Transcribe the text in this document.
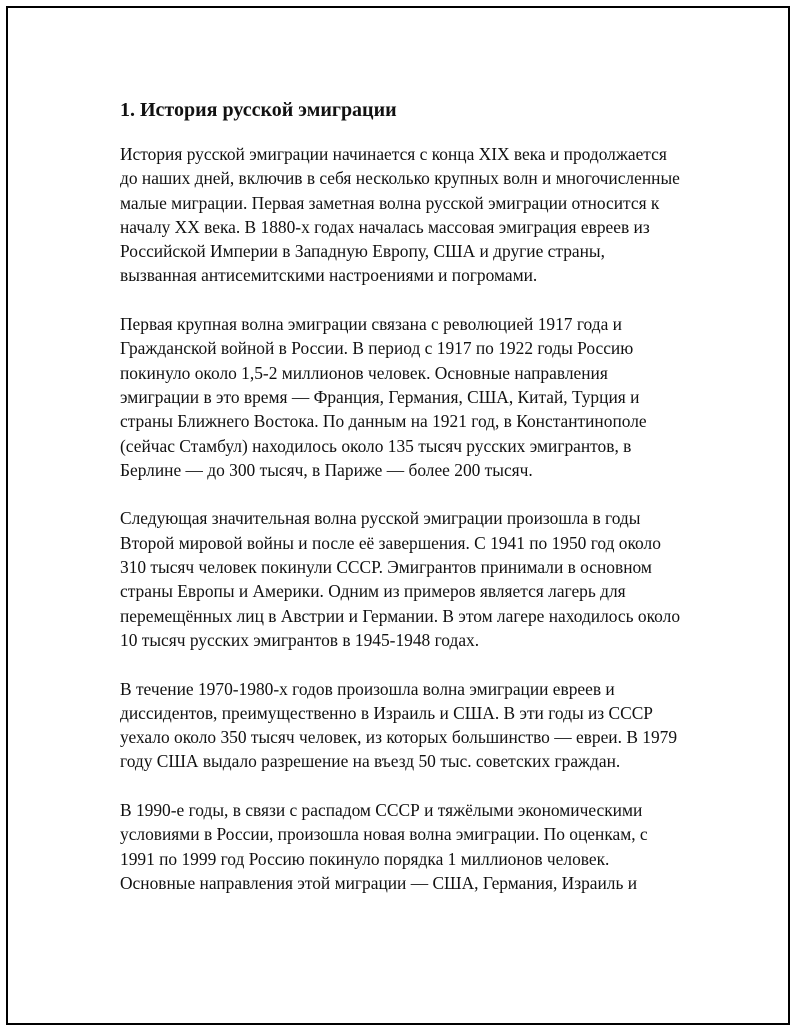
1. История русской эмиграции

История русской эмиграции начинается с конца XIX века и продолжается до наших дней, включив в себя несколько крупных волн и многочисленные малые миграции. Первая заметная волна русской эмиграции относится к началу XX века. В 1880-х годах началась массовая эмиграция евреев из Российской Империи в Западную Европу, США и другие страны, вызванная антисемитскими настроениями и погромами.

Первая крупная волна эмиграции связана с революцией 1917 года и Гражданской войной в России. В период с 1917 по 1922 годы Россию покинуло около 1,5-2 миллионов человек. Основные направления эмиграции в это время — Франция, Германия, США, Китай, Турция и страны Ближнего Востока. По данным на 1921 год, в Константинополе (сейчас Стамбул) находилось около 135 тысяч русских эмигрантов, в Берлине — до 300 тысяч, в Париже — более 200 тысяч.

Следующая значительная волна русской эмиграции произошла в годы Второй мировой войны и после её завершения. С 1941 по 1950 год около 310 тысяч человек покинули СССР. Эмигрантов принимали в основном страны Европы и Америки. Одним из примеров является лагерь для перемещённых лиц в Австрии и Германии. В этом лагере находилось около 10 тысяч русских эмигрантов в 1945-1948 годах.

В течение 1970-1980-х годов произошла волна эмиграции евреев и диссидентов, преимущественно в Израиль и США. В эти годы из СССР уехало около 350 тысяч человек, из которых большинство — евреи. В 1979 году США выдало разрешение на въезд 50 тыс. советских граждан.

В 1990-е годы, в связи с распадом СССР и тяжёлыми экономическими условиями в России, произошла новая волна эмиграции. По оценкам, с 1991 по 1999 год Россию покинуло порядка 1 миллионов человек. Основные направления этой миграции — США, Германия, Израиль и
